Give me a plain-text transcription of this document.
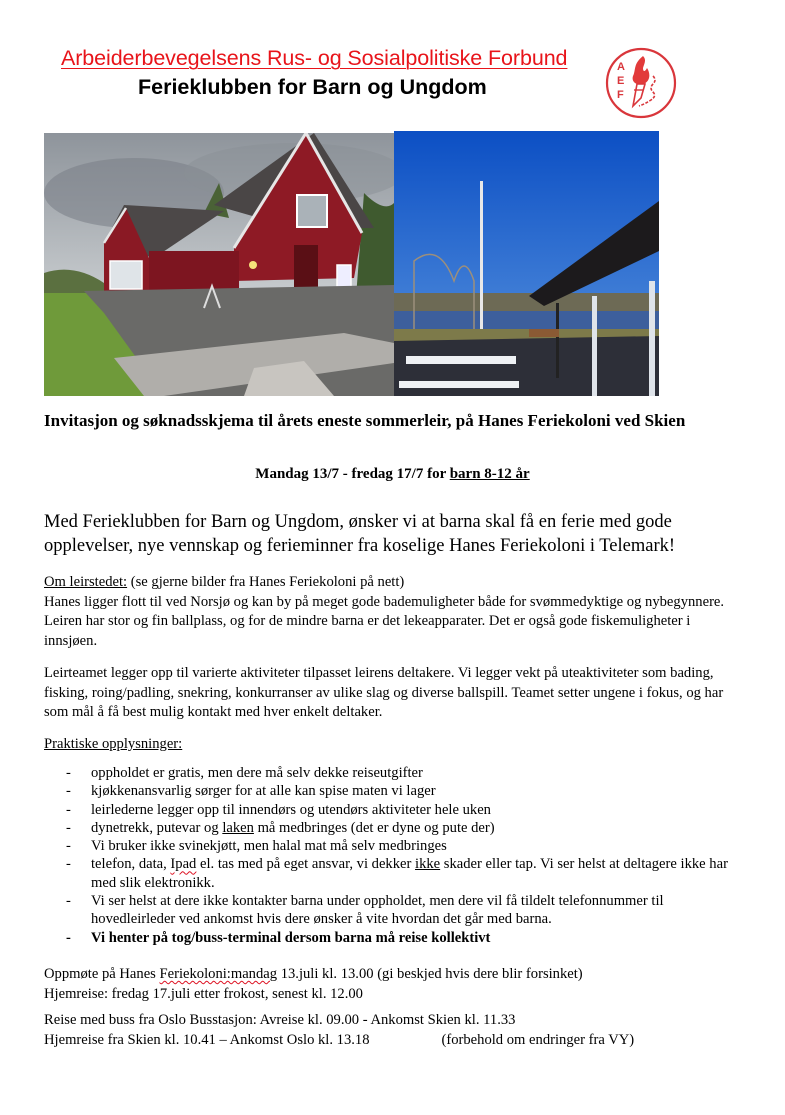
Arbeiderbevegelsens Rus- og Sosialpolitiske Forbund
Ferieklubben for Barn og Ungdom
A
E
F
Invitasjon og søknadsskjema til årets eneste sommerleir, på Hanes Feriekoloni ved Skien
Mandag 13/7 - fredag 17/7 for barn 8-12 år
Med Ferieklubben for Barn og Ungdom, ønsker vi at barna skal få en ferie med gode opplevelser, nye vennskap og ferieminner fra koselige Hanes Feriekoloni i Telemark!
Om leirstedet: (se gjerne bilder fra Hanes Feriekoloni på nett)
Hanes ligger flott til ved Norsjø og kan by på meget gode bademuligheter både for svømmedyktige og nybegynnere. Leiren har stor og fin ballplass, og for de mindre barna er det lekeapparater. Det er også gode fiskemuligheter i innsjøen.
Leirteamet legger opp til varierte aktiviteter tilpasset leirens deltakere. Vi legger vekt på uteaktiviteter som bading, fisking, roing/padling, snekring, konkurranser av ulike slag og diverse ballspill. Teamet setter ungene i fokus, og har som mål å få best mulig kontakt med hver enkelt deltaker.
Praktiske opplysninger:
- oppholdet er gratis, men dere må selv dekke reiseutgifter
- kjøkkenansvarlig sørger for at alle kan spise maten vi lager
- leirlederne legger opp til innendørs og utendørs aktiviteter hele uken
- dynetrekk, putevar og laken må medbringes (det er dyne og pute der)
- Vi bruker ikke svinekjøtt, men halal mat må selv medbringes
- telefon, data, Ipad el. tas med på eget ansvar, vi dekker ikke skader eller tap. Vi ser helst at deltagere ikke har med slik elektronikk.
- Vi ser helst at dere ikke kontakter barna under oppholdet, men dere vil få tildelt telefonnummer til hovedleirleder ved ankomst hvis dere ønsker å vite hvordan det går med barna.
- Vi henter på tog/buss-terminal dersom barna må reise kollektivt
Oppmøte på Hanes Feriekoloni:mandag 13.juli kl. 13.00 (gi beskjed hvis dere blir forsinket)
Hjemreise: fredag 17.juli etter frokost, senest kl. 12.00
Reise med buss fra Oslo Busstasjon: Avreise kl. 09.00 - Ankomst Skien kl. 11.33
Hjemreise fra Skien kl. 10.41 – Ankomst Oslo kl. 13.18	(forbehold om endringer fra VY)
